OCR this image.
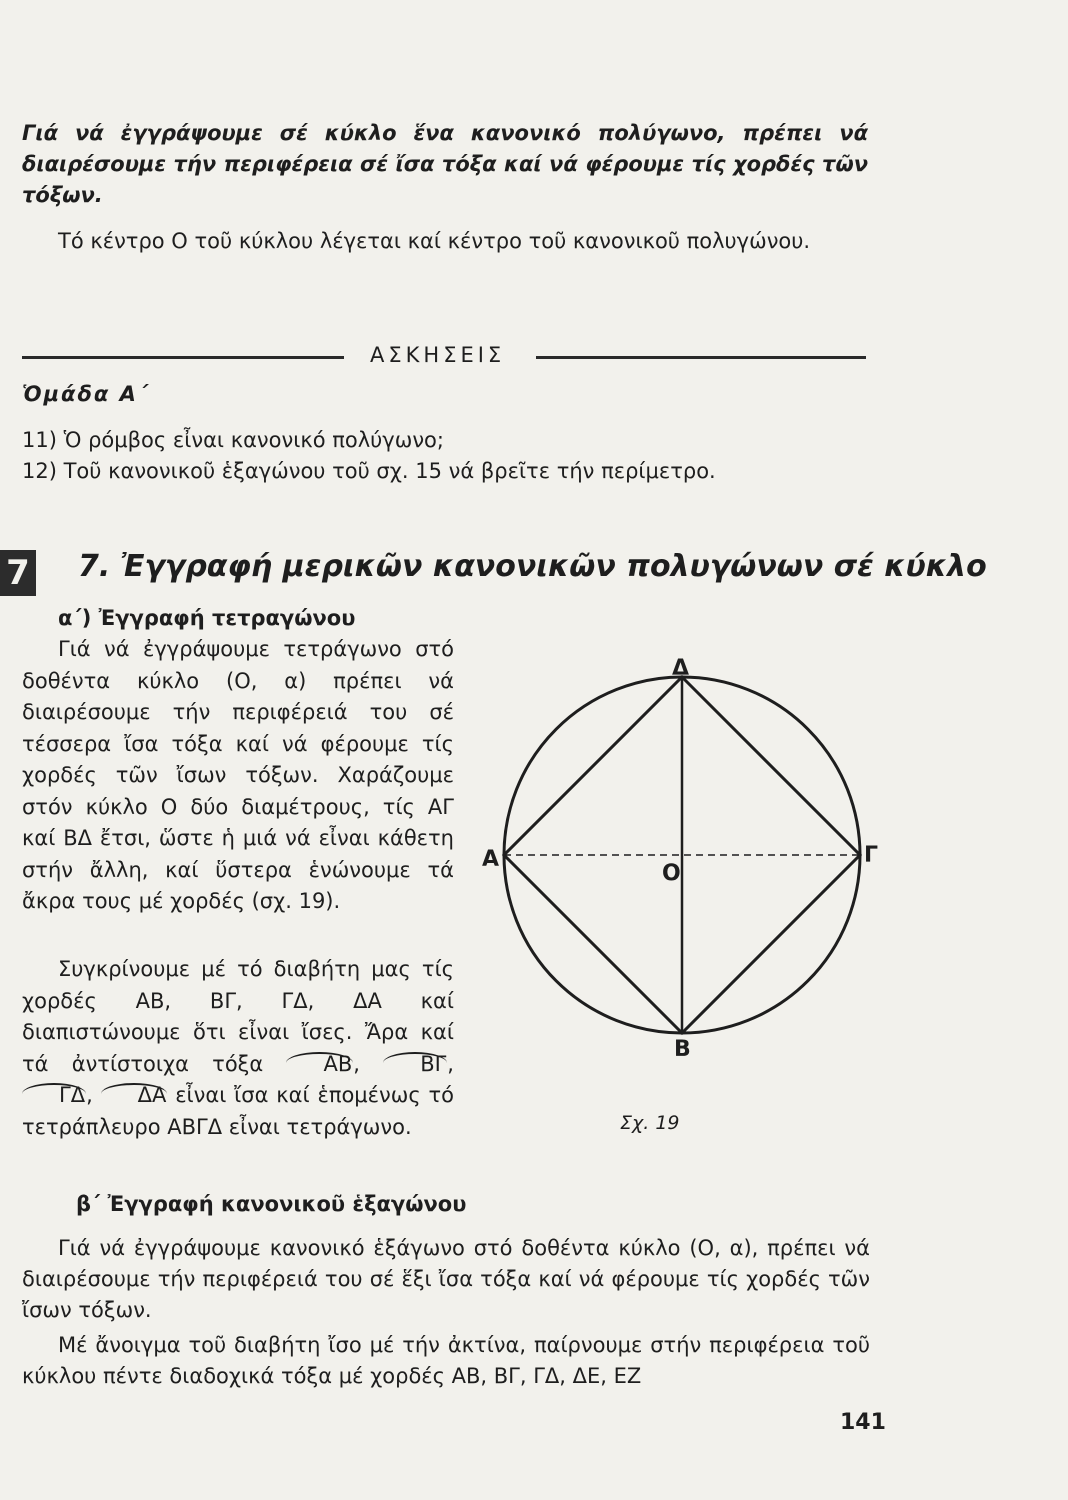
Γιά νά ἐγγράψουμε σέ κύκλο ἕνα κανονικό πολύγωνο, πρέπει νά διαιρέσουμε τήν περιφέρεια σέ ἴσα τόξα καί νά φέρουμε τίς χορδές τῶν τόξων.

Τό κέντρο Ο τοῦ κύκλου λέγεται καί κέντρο τοῦ κανονικοῦ πολυγώνου.

ΑΣΚΗΣΕΙΣ
Ὁμάδα Α΄
11) Ὁ ρόμβος εἶναι κανονικό πολύγωνο;
12) Τοῦ κανονικοῦ ἑξαγώνου τοῦ σχ. 15 νά βρεῖτε τήν περίμετρο.
7 7. Ἐγγραφή μερικῶν κανονικῶν πολυγώνων σέ κύκλο
α΄) Ἐγγραφή τετραγώνου

Γιά νά ἐγγράψουμε τετράγωνο στό δοθέντα κύκλο (Ο, α) πρέπει νά διαιρέσουμε τήν περιφέρειά του σέ τέσσερα ἴσα τόξα καί νά φέρουμε τίς χορδές τῶν ἴσων τόξων. Χαράζουμε στόν κύκλο Ο δύο διαμέτρους, τίς ΑΓ καί ΒΔ ἔτσι, ὥστε ἡ μιά νά εἶναι κάθετη στήν ἄλλη, καί ὕστερα ἑνώνουμε τά ἄκρα τους μέ χορδές (σχ. 19).

Συγκρίνουμε μέ τό διαβήτη μας τίς χορδές ΑΒ, ΒΓ, ΓΔ, ΔΑ καί διαπιστώνουμε ὅτι εἶναι ἴσες. Ἄρα καί τά ἀντίστοιχα τόξα	ΑΒ, ΒΓ, ΓΔ, ΔΑ εἶναι ἴσα καί ἑπομένως τό τετράπλευρο ΑΒΓΔ εἶναι τετράγωνο.

Δ
Α	Γ
Β
Ο
Σχ. 19
β΄ Ἐγγραφή κανονικοῦ ἑξαγώνου

Γιά νά ἐγγράψουμε κανονικό ἑξάγωνο στό δοθέντα κύκλο (Ο, α), πρέπει νά διαιρέσουμε τήν περιφέρειά του σέ ἕξι ἴσα τόξα καί νά φέρουμε τίς χορδές τῶν ἴσων τόξων.

Μέ ἄνοιγμα τοῦ διαβήτη ἴσο μέ τήν ἀκτίνα, παίρνουμε στήν περιφέρεια τοῦ κύκλου πέντε διαδοχικά τόξα μέ χορδές ΑΒ, ΒΓ, ΓΔ, ΔΕ, ΕΖ

141
